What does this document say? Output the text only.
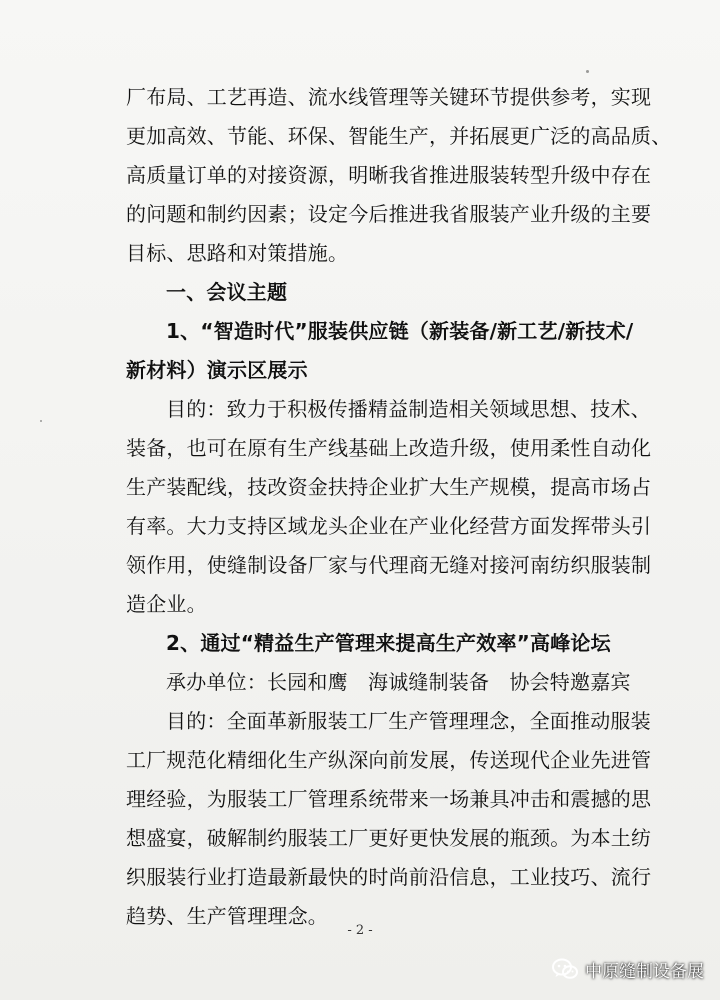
厂布局、工艺再造、流水线管理等关键环节提供参考，实现
更加高效、节能、环保、智能生产，并拓展更广泛的高品质、
高质量订单的对接资源，明晰我省推进服装转型升级中存在
的问题和制约因素；设定今后推进我省服装产业升级的主要
目标、思路和对策措施。
一、会议主题
1、“智造时代”服装供应链（新装备/新工艺/新技术/
新材料）演示区展示
目的：致力于积极传播精益制造相关领域思想、技术、
装备，也可在原有生产线基础上改造升级，使用柔性自动化
生产装配线，技改资金扶持企业扩大生产规模，提高市场占
有率。大力支持区域龙头企业在产业化经营方面发挥带头引
领作用，使缝制设备厂家与代理商无缝对接河南纺织服装制
造企业。
2、通过“精益生产管理来提高生产效率”高峰论坛
承办单位：长园和鹰　海诚缝制装备　协会特邀嘉宾
目的：全面革新服装工厂生产管理理念，全面推动服装
工厂规范化精细化生产纵深向前发展，传送现代企业先进管
理经验，为服装工厂管理系统带来一场兼具冲击和震撼的思
想盛宴，破解制约服装工厂更好更快发展的瓶颈。为本土纺
织服装行业打造最新最快的时尚前沿信息，工业技巧、流行
趋势、生产管理理念。
- 2 -
中原缝制设备展
